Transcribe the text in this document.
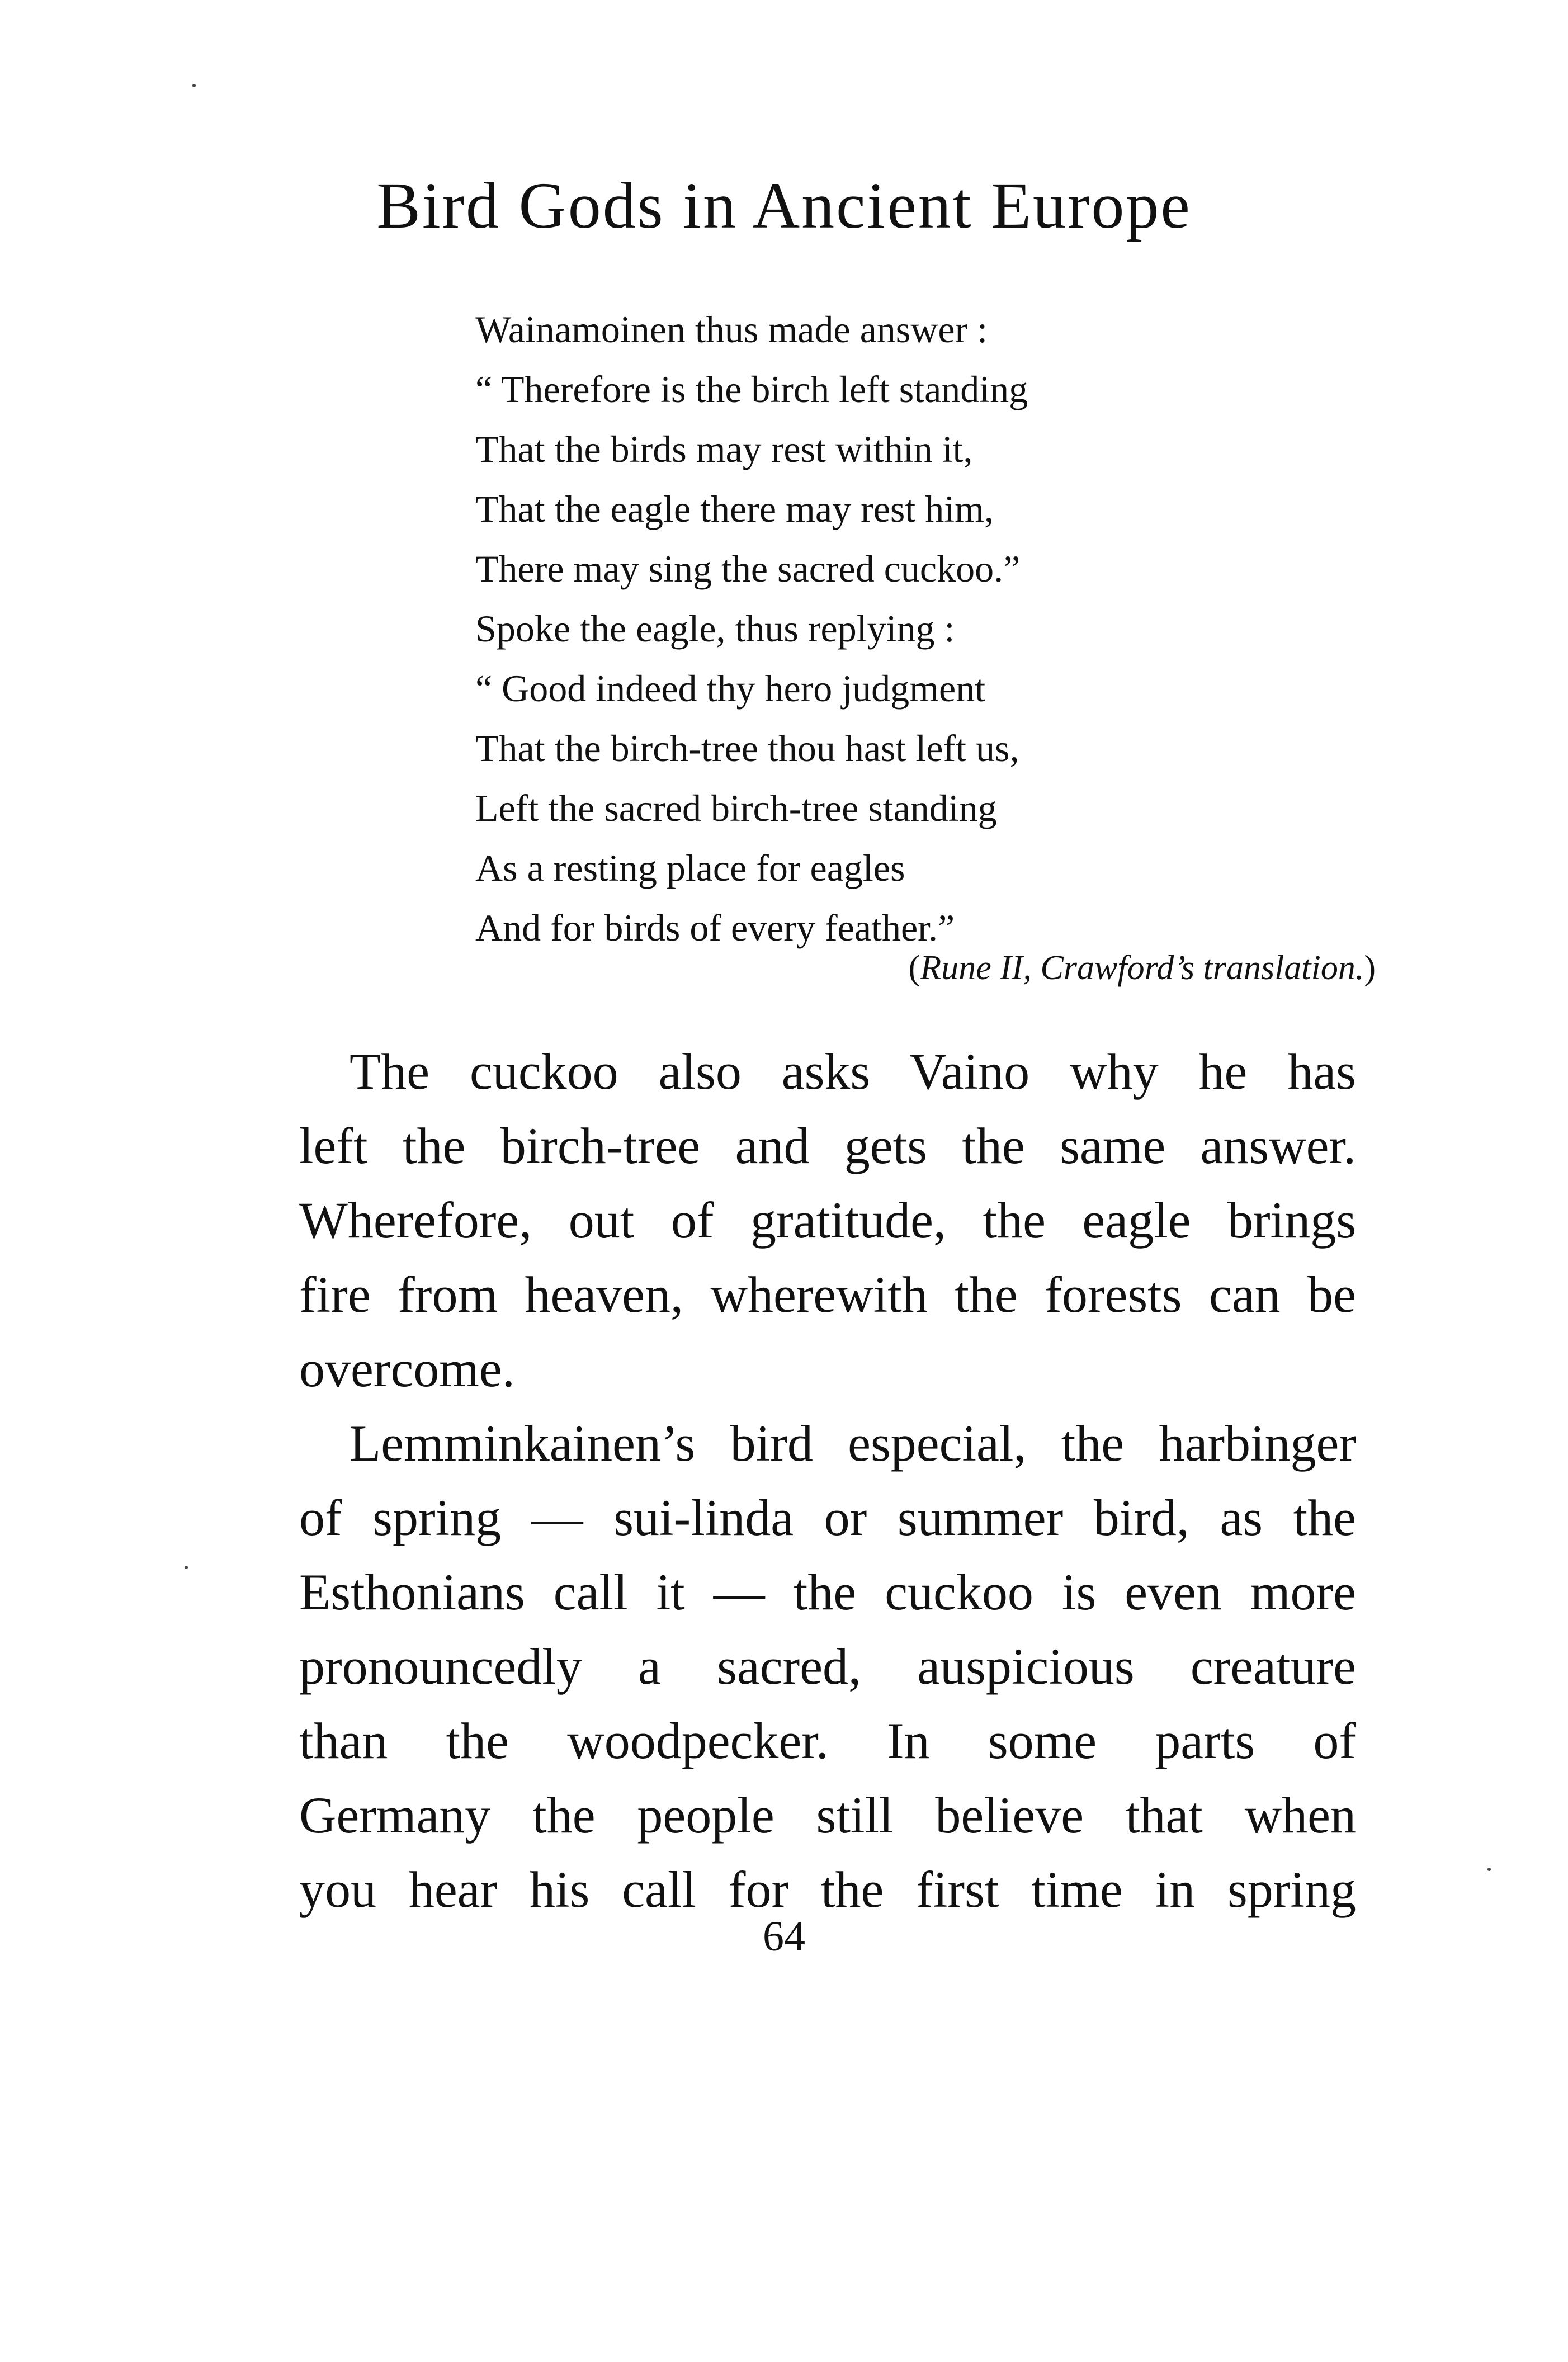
Bird Gods in Ancient Europe

Wainamoinen thus made answer :

“ Therefore is the birch left standing

That the birds may rest within it,

That the eagle there may rest him,

There may sing the sacred cuckoo.”

Spoke the eagle, thus replying :

“ Good indeed thy hero judgment

That the birch-tree thou hast left us,

Left the sacred birch-tree standing

As a resting place for eagles

And for birds of every feather.”

(Rune II, Crawford’s translation.)

The cuckoo also asks Vaino why he has

left the birch-tree and gets the same answer.

Wherefore, out of gratitude, the eagle brings

fire from heaven, wherewith the forests can be

overcome.

Lemminkainen’s bird especial, the harbinger

of spring — sui-linda or summer bird, as the

Esthonians call it — the cuckoo is even more

pronouncedly a sacred, auspicious creature

than the woodpecker. In some parts of

Germany the people still believe that when

you hear his call for the first time in spring

64
